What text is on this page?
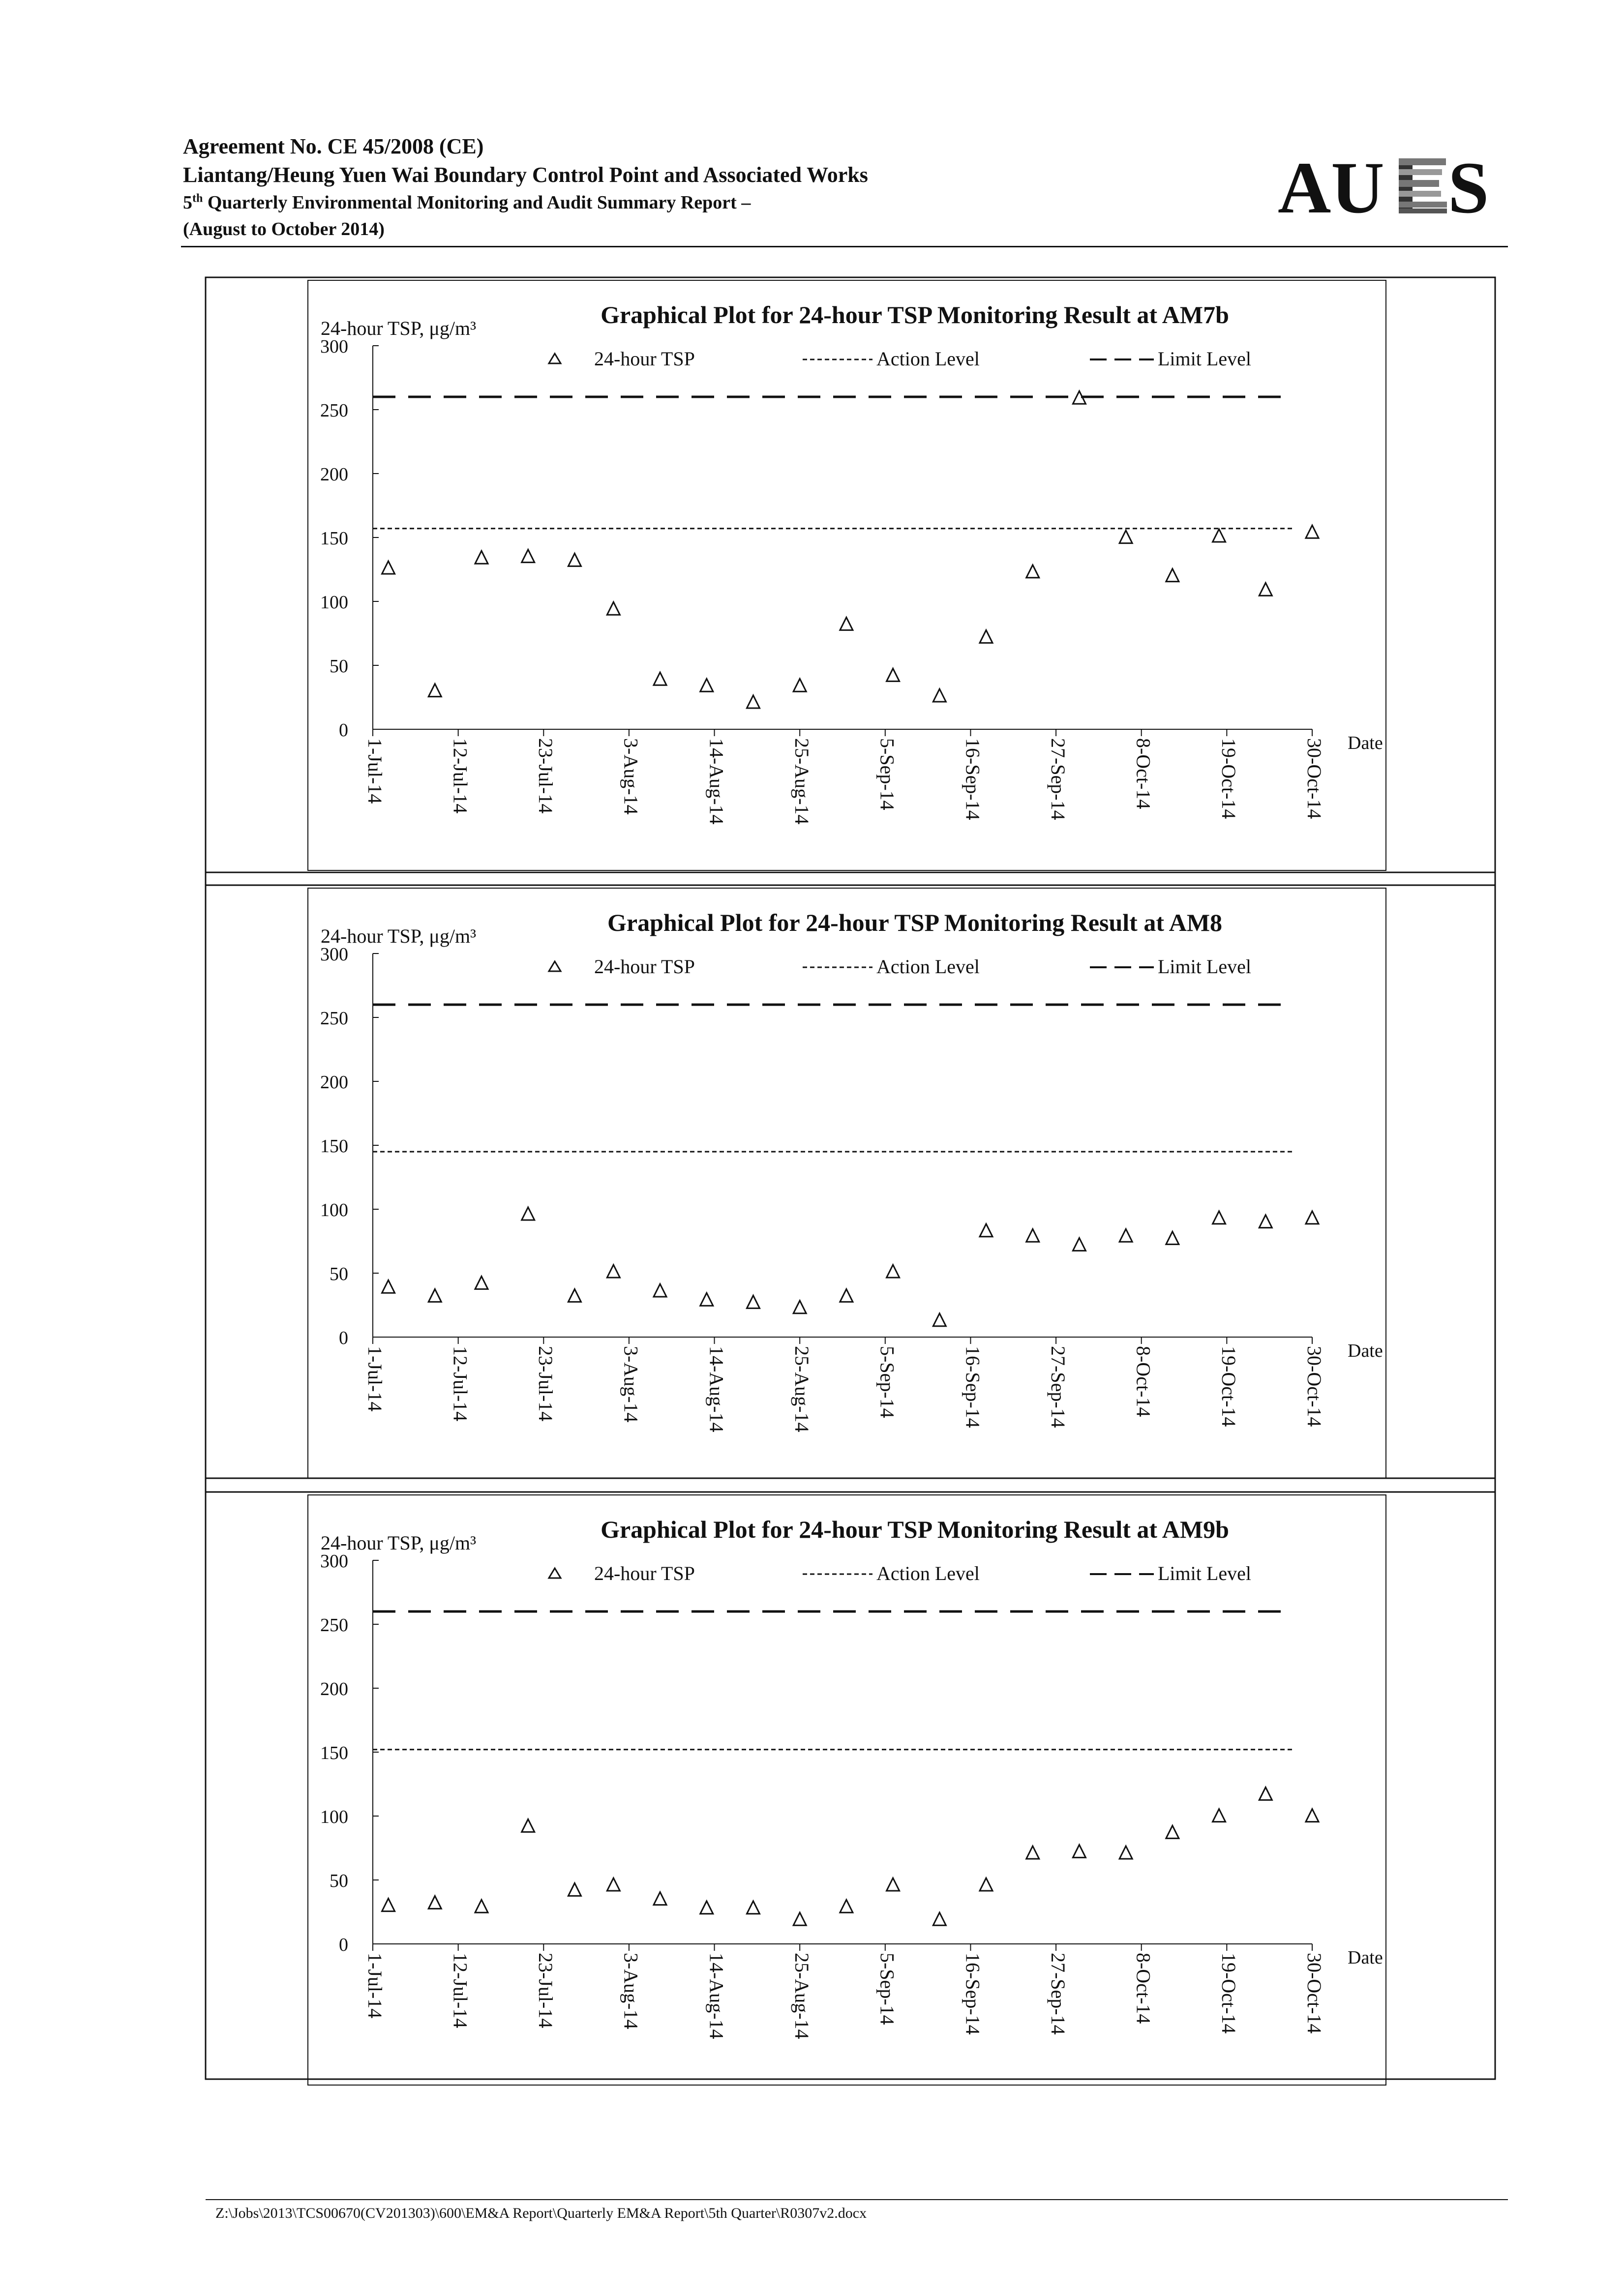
Agreement No. CE 45/2008 (CE)
Liantang/Heung Yuen Wai Boundary Control Point and Associated Works
5th Quarterly Environmental Monitoring and Audit Summary Report –
(August to October 2014)
AU S
Graphical Plot for 24-hour TSP Monitoring Result at AM7b
24-hour TSP, μg/m³
0
50
100
150
200
250
300
1-Jul-14	12-Jul-14	23-Jul-14	3-Aug-14	14-Aug-14	25-Aug-14	5-Sep-14	16-Sep-14	27-Sep-14	8-Oct-14	19-Oct-14	30-Oct-14 Date
24-hour TSP	Action Level	Limit Level
Graphical Plot for 24-hour TSP Monitoring Result at AM8
24-hour TSP, μg/m³
0
50
100
150
200
250
300
1-Jul-14	12-Jul-14	23-Jul-14	3-Aug-14	14-Aug-14	25-Aug-14	5-Sep-14	16-Sep-14	27-Sep-14	8-Oct-14	19-Oct-14	30-Oct-14 Date
24-hour TSP	Action Level	Limit Level
Graphical Plot for 24-hour TSP Monitoring Result at AM9b
24-hour TSP, μg/m³
0
50
100
150
200
250
300
1-Jul-14	12-Jul-14	23-Jul-14	3-Aug-14	14-Aug-14	25-Aug-14	5-Sep-14	16-Sep-14	27-Sep-14	8-Oct-14	19-Oct-14	30-Oct-14 Date
24-hour TSP	Action Level	Limit Level
Z:\Jobs\2013\TCS00670(CV201303)\600\EM&A Report\Quarterly EM&A Report\5th Quarter\R0307v2.docx
